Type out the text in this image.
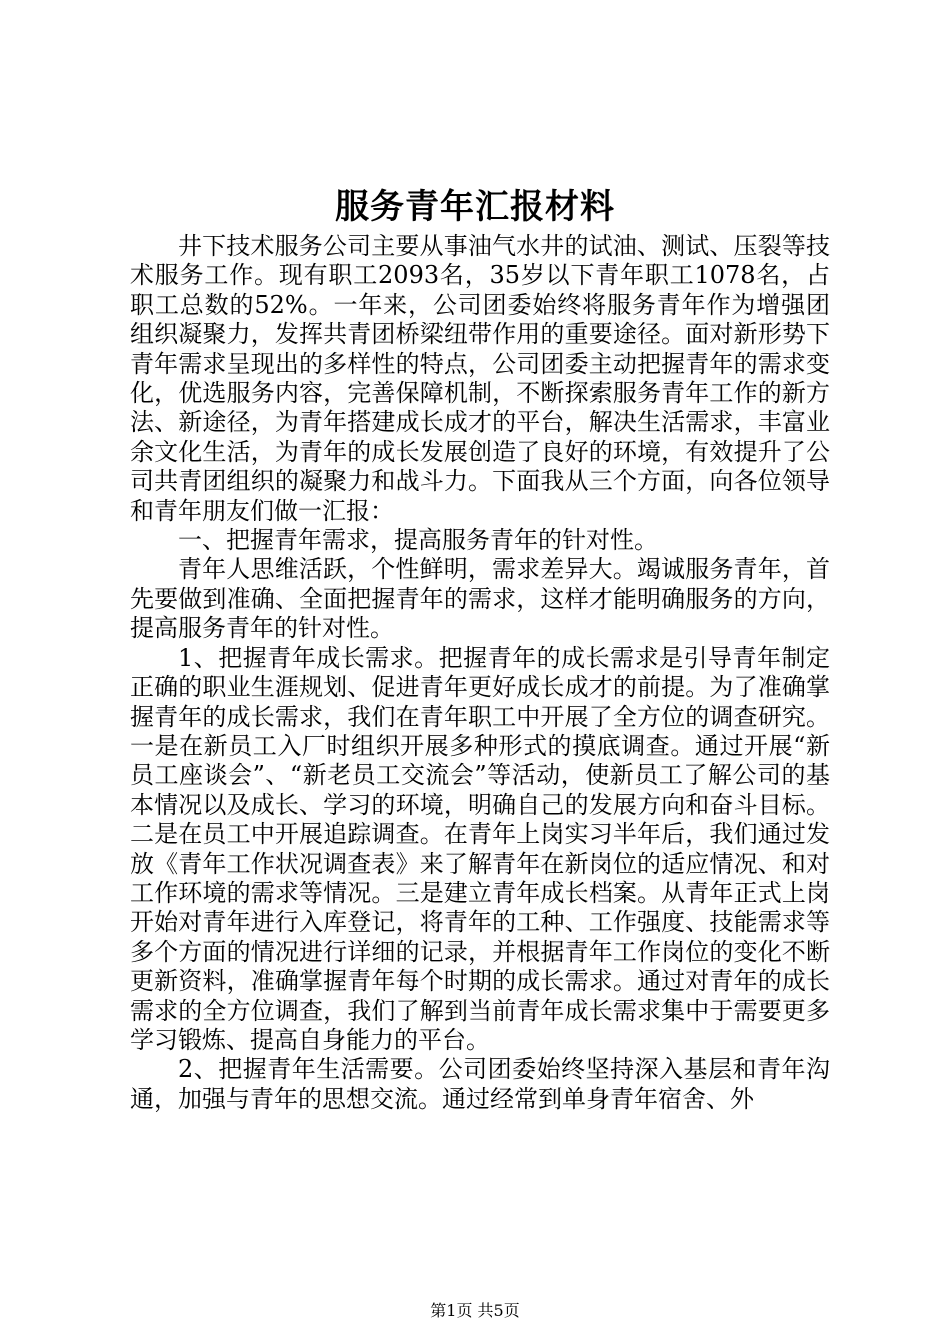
服务青年汇报材料

井下技术服务公司主要从事油气水井的试油、测试、压裂等技术服务工作。现有职工2093名，35岁以下青年职工1078名，占职工总数的52%。一年来，公司团委始终将服务青年作为增强团组织凝聚力，发挥共青团桥梁纽带作用的重要途径。面对新形势下青年需求呈现出的多样性的特点，公司团委主动把握青年的需求变化，优选服务内容，完善保障机制，不断探索服务青年工作的新方法、新途径，为青年搭建成长成才的平台，解决生活需求，丰富业余文化生活，为青年的成长发展创造了良好的环境，有效提升了公司共青团组织的凝聚力和战斗力。下面我从三个方面，向各位领导和青年朋友们做一汇报：

一、把握青年需求，提高服务青年的针对性。

青年人思维活跃，个性鲜明，需求差异大。竭诚服务青年，首先要做到准确、全面把握青年的需求，这样才能明确服务的方向，提高服务青年的针对性。

1、把握青年成长需求。把握青年的成长需求是引导青年制定正确的职业生涯规划、促进青年更好成长成才的前提。为了准确掌握青年的成长需求，我们在青年职工中开展了全方位的调查研究。一是在新员工入厂时组织开展多种形式的摸底调查。通过开展“新员工座谈会”、“新老员工交流会”等活动，使新员工了解公司的基本情况以及成长、学习的环境，明确自己的发展方向和奋斗目标。二是在员工中开展追踪调查。在青年上岗实习半年后，我们通过发放《青年工作状况调查表》来了解青年在新岗位的适应情况、和对工作环境的需求等情况。三是建立青年成长档案。从青年正式上岗开始对青年进行入库登记，将青年的工种、工作强度、技能需求等多个方面的情况进行详细的记录，并根据青年工作岗位的变化不断更新资料，准确掌握青年每个时期的成长需求。通过对青年的成长需求的全方位调查，我们了解到当前青年成长需求集中于需要更多学习锻炼、提高自身能力的平台。

2、把握青年生活需要。公司团委始终坚持深入基层和青年沟通，加强与青年的思想交流。通过经常到单身青年宿舍、外

第1页 共5页
